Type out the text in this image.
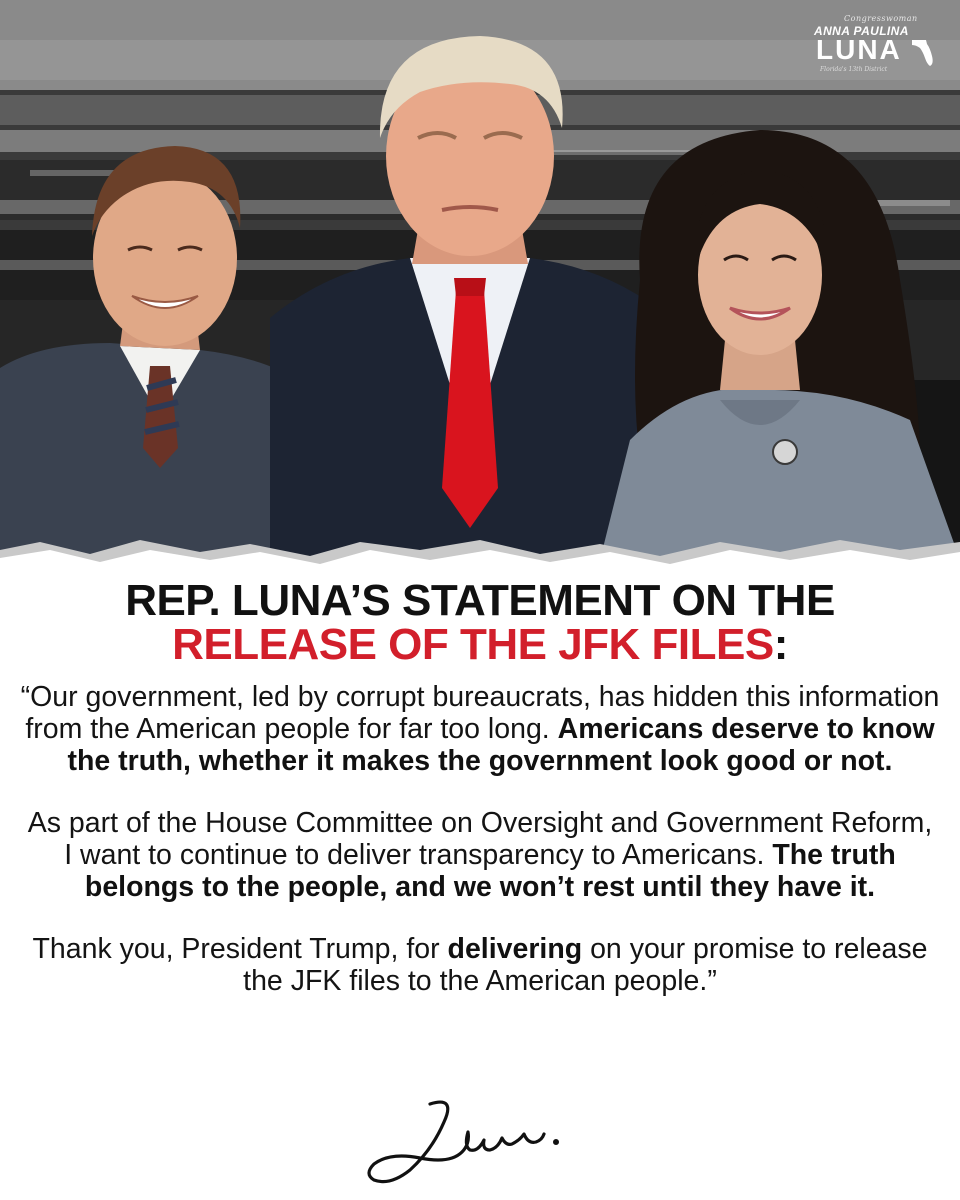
Congresswoman
ANNA PAULINA
LUNA
Florida's 13th District
REP. LUNA’S STATEMENT ON THE
RELEASE OF THE JFK FILES:

“Our government, led by corrupt bureaucrats, has hidden this information from the American people for far too long. Americans deserve to know the truth, whether it makes the government look good or not.

As part of the House Committee on Oversight and Government Reform, I want to continue to deliver transparency to Americans. The truth belongs to the people, and we won’t rest until they have it.

Thank you, President Trump, for delivering on your promise to release the JFK files to the American people.”
